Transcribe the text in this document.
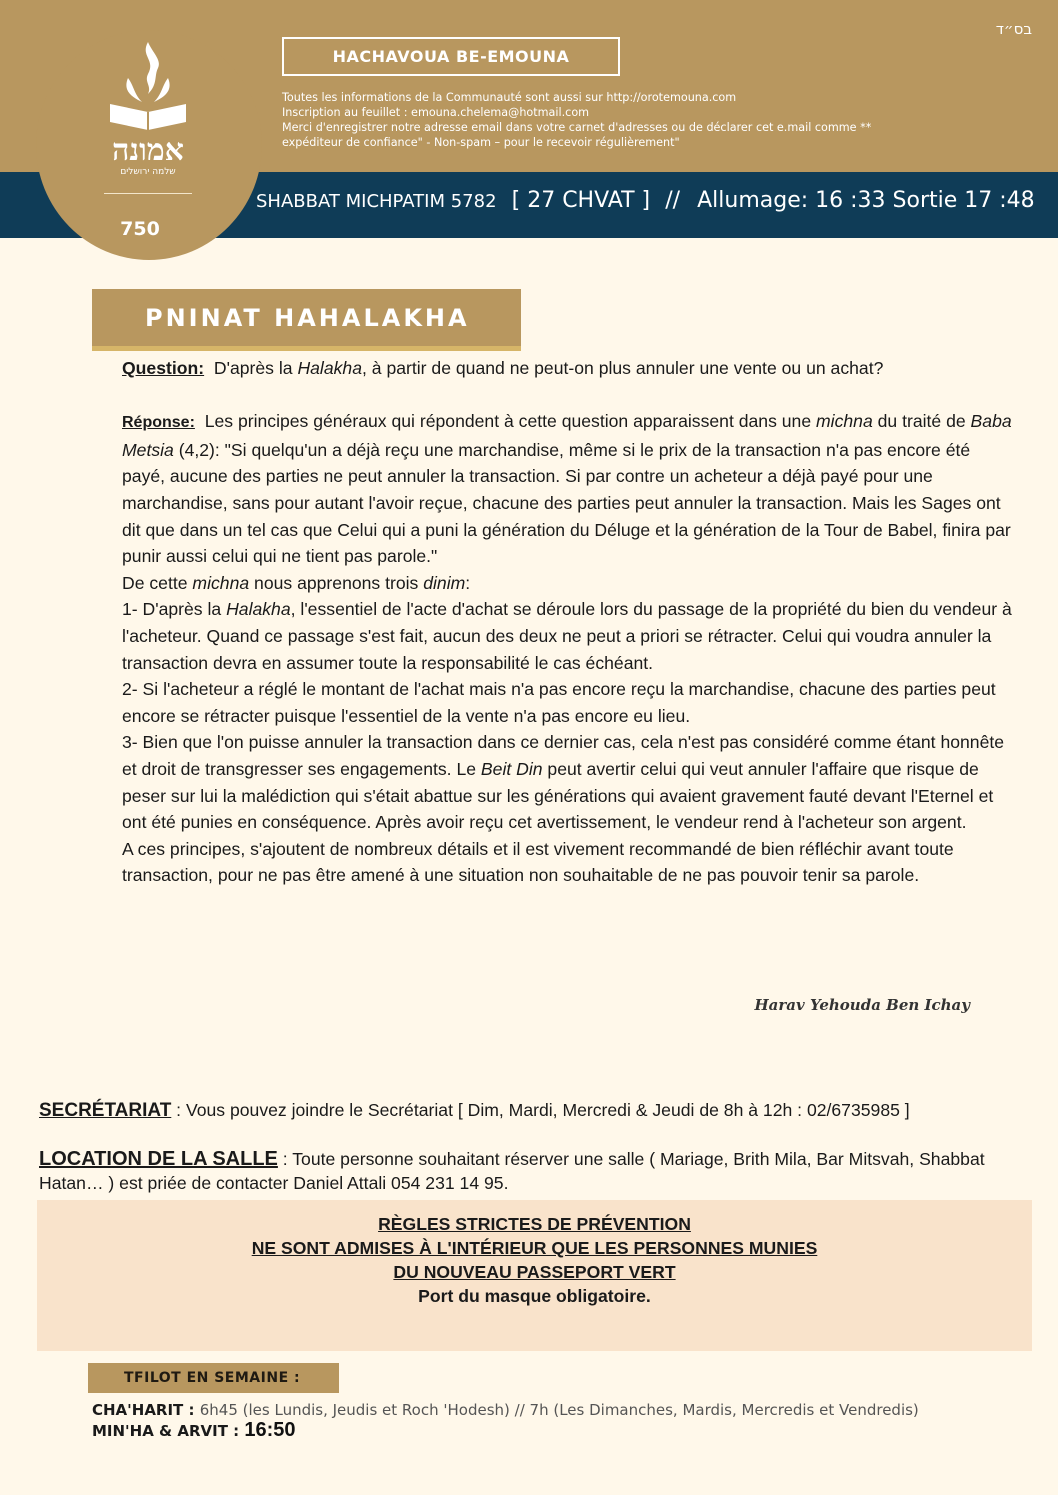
אמונה
שלמה ירושלים
750
בס״ד
HACHAVOUA BE-EMOUNA
Toutes les informations de la Communauté sont aussi sur http://orotemouna.com
Inscription au feuillet : emouna.chelema@hotmail.com
Merci d'enregistrer notre adresse email dans votre carnet d'adresses ou de déclarer cet e.mail comme **
expéditeur de confiance" - Non-spam – pour le recevoir régulièrement"
SHABBAT MICHPATIM 5782 [ 27 CHVAT ] // Allumage: 16 :33 Sortie 17 :48
PNINAT HAHALAKHA

Question: D'après la Halakha, à partir de quand ne peut-on plus annuler une vente ou un achat?

Réponse: Les principes généraux qui répondent à cette question apparaissent dans une michna du traité de Baba Metsia (4,2): "Si quelqu'un a déjà reçu une marchandise, même si le prix de la transaction n'a pas encore été payé, aucune des parties ne peut annuler la transaction. Si par contre un acheteur a déjà payé pour une marchandise, sans pour autant l'avoir reçue, chacune des parties peut annuler la transaction. Mais les Sages ont dit que dans un tel cas que Celui qui a puni la génération du Déluge et la génération de la Tour de Babel, finira par punir aussi celui qui ne tient pas parole."

De cette michna nous apprenons trois dinim:

1- D'après la Halakha, l'essentiel de l'acte d'achat se déroule lors du passage de la propriété du bien du vendeur à l'acheteur. Quand ce passage s'est fait, aucun des deux ne peut a priori se rétracter. Celui qui voudra annuler la transaction devra en assumer toute la responsabilité le cas échéant.

2- Si l'acheteur a réglé le montant de l'achat mais n'a pas encore reçu la marchandise, chacune des parties peut encore se rétracter puisque l'essentiel de la vente n'a pas encore eu lieu.

3- Bien que l'on puisse annuler la transaction dans ce dernier cas, cela n'est pas considéré comme étant honnête et droit de transgresser ses engagements. Le Beit Din peut avertir celui qui veut annuler l'affaire que risque de peser sur lui la malédiction qui s'était abattue sur les générations qui avaient gravement fauté devant l'Eternel et ont été punies en conséquence. Après avoir reçu cet avertissement, le vendeur rend à l'acheteur son argent.

A ces principes, s'ajoutent de nombreux détails et il est vivement recommandé de bien réfléchir avant toute transaction, pour ne pas être amené à une situation non souhaitable de ne pas pouvoir tenir sa parole.

Harav Yehouda Ben Ichay
SECRÉTARIAT : Vous pouvez joindre le Secrétariat [ Dim, Mardi, Mercredi & Jeudi de 8h à 12h : 02/6735985 ]
LOCATION DE LA SALLE : Toute personne souhaitant réserver une salle ( Mariage, Brith Mila, Bar Mitsvah, Shabbat Hatan… ) est priée de contacter Daniel Attali 054 231 14 95.
RÈGLES STRICTES DE PRÉVENTION
NE SONT ADMISES À L'INTÉRIEUR QUE LES PERSONNES MUNIES
DU NOUVEAU PASSEPORT VERT
Port du masque obligatoire.
TFILOT EN SEMAINE :
CHA'HARIT : 6h45 (les Lundis, Jeudis et Roch 'Hodesh) // 7h (Les Dimanches, Mardis, Mercredis et Vendredis)
MIN'HA & ARVIT : 16:50
